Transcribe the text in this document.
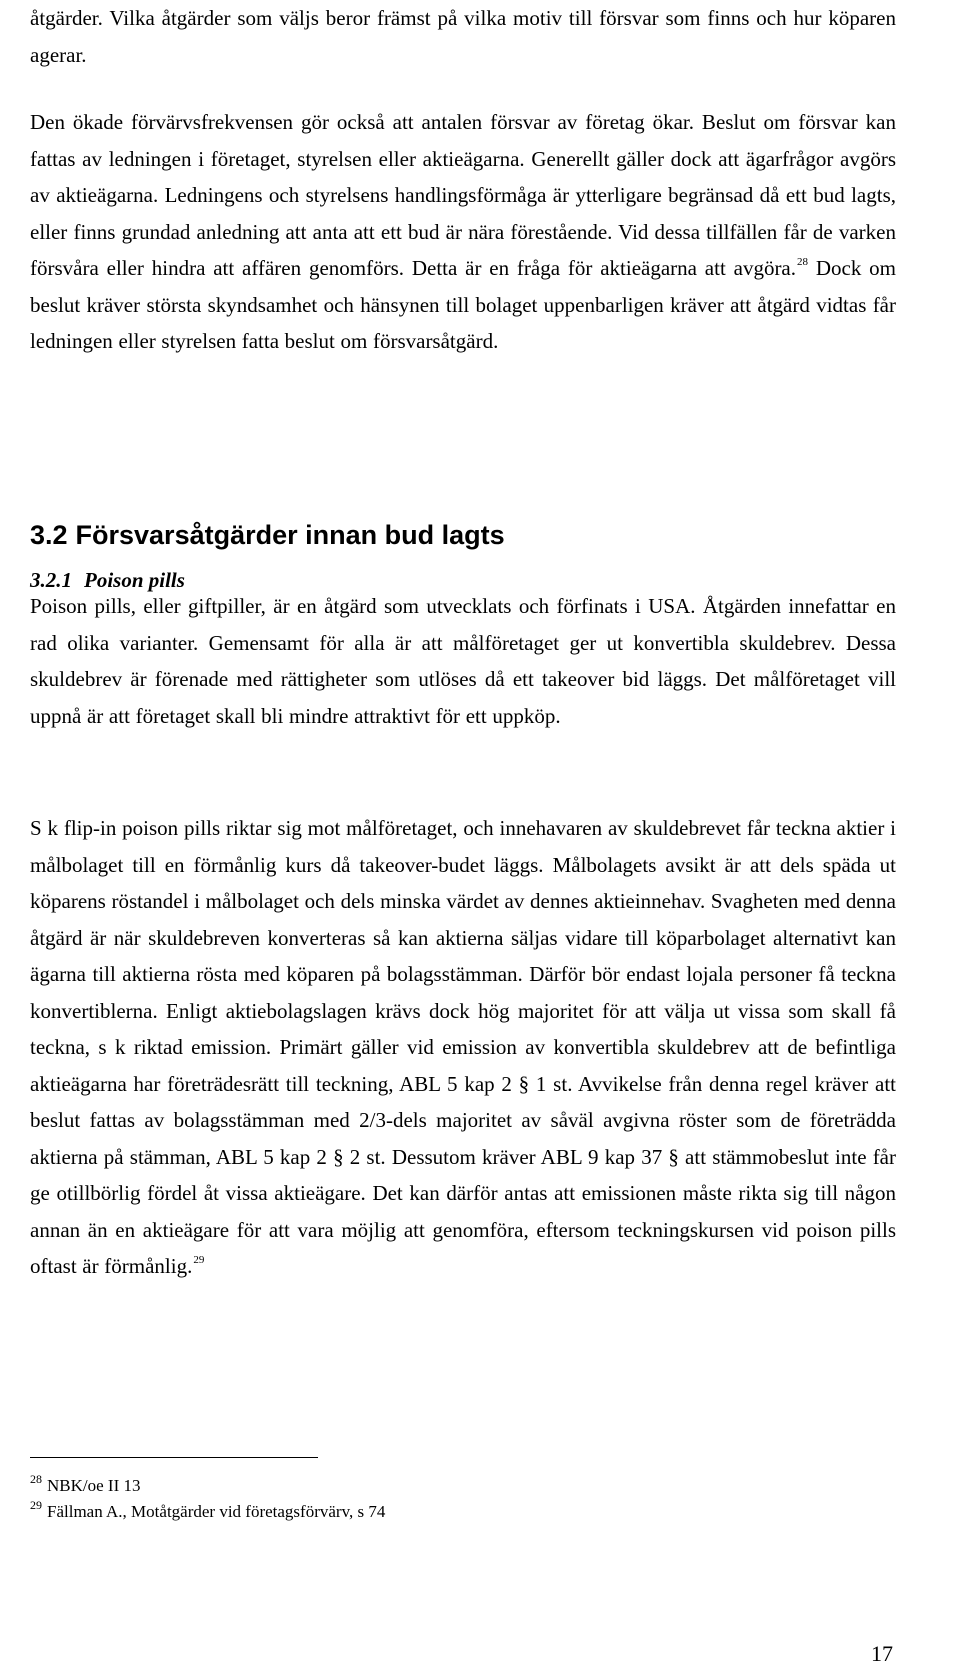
åtgärder. Vilka åtgärder som väljs beror främst på vilka motiv till försvar som finns och hur köparen agerar.

Den ökade förvärvsfrekvensen gör också att antalen försvar av företag ökar. Beslut om försvar kan fattas av ledningen i företaget, styrelsen eller aktieägarna. Generellt gäller dock att ägarfrågor avgörs av aktieägarna. Ledningens och styrelsens handlingsförmåga är ytterligare begränsad då ett bud lagts, eller finns grundad anledning att anta att ett bud är nära förestående. Vid dessa tillfällen får de varken försvåra eller hindra att affären genomförs. Detta är en fråga för aktieägarna att avgöra.$^{28}$ Dock om beslut kräver största skyndsamhet och hänsynen till bolaget uppenbarligen kräver att åtgärd vidtas får ledningen eller styrelsen fatta beslut om försvarsåtgärd.

3.2 Försvarsåtgärder innan bud lagts
3.2.1 Poison pills

Poison pills, eller giftpiller, är en åtgärd som utvecklats och förfinats i USA. Åtgärden innefattar en rad olika varianter. Gemensamt för alla är att målföretaget ger ut konvertibla skuldebrev. Dessa skuldebrev är förenade med rättigheter som utlöses då ett takeover bid läggs. Det målföretaget vill uppnå är att företaget skall bli mindre attraktivt för ett uppköp.

S k flip-in poison pills riktar sig mot målföretaget, och innehavaren av skuldebrevet får teckna aktier i målbolaget till en förmånlig kurs då takeover-budet läggs. Målbolagets avsikt är att dels späda ut köparens röstandel i målbolaget och dels minska värdet av dennes aktieinnehav. Svagheten med denna åtgärd är när skuldebreven konverteras så kan aktierna säljas vidare till köparbolaget alternativt kan ägarna till aktierna rösta med köparen på bolagsstämman. Därför bör endast lojala personer få teckna konvertiblerna. Enligt aktiebolagslagen krävs dock hög majoritet för att välja ut vissa som skall få teckna, s k riktad emission. Primärt gäller vid emission av konvertibla skuldebrev att de befintliga aktieägarna har företrädesrätt till teckning, ABL 5 kap 2 § 1 st. Avvikelse från denna regel kräver att beslut fattas av bolagsstämman med 2/3-dels majoritet av såväl avgivna röster som de företrädda aktierna på stämman, ABL 5 kap 2 § 2 st. Dessutom kräver ABL 9 kap 37 § att stämmobeslut inte får ge otillbörlig fördel åt vissa aktieägare. Det kan därför antas att emissionen måste rikta sig till någon annan än en aktieägare för att vara möjlig att genomföra, eftersom teckningskursen vid poison pills oftast är förmånlig.$^{29}$

$^{28}$ NBK/oe II 13

$^{29}$ Fällman A., Motåtgärder vid företagsförvärv, s 74

17
